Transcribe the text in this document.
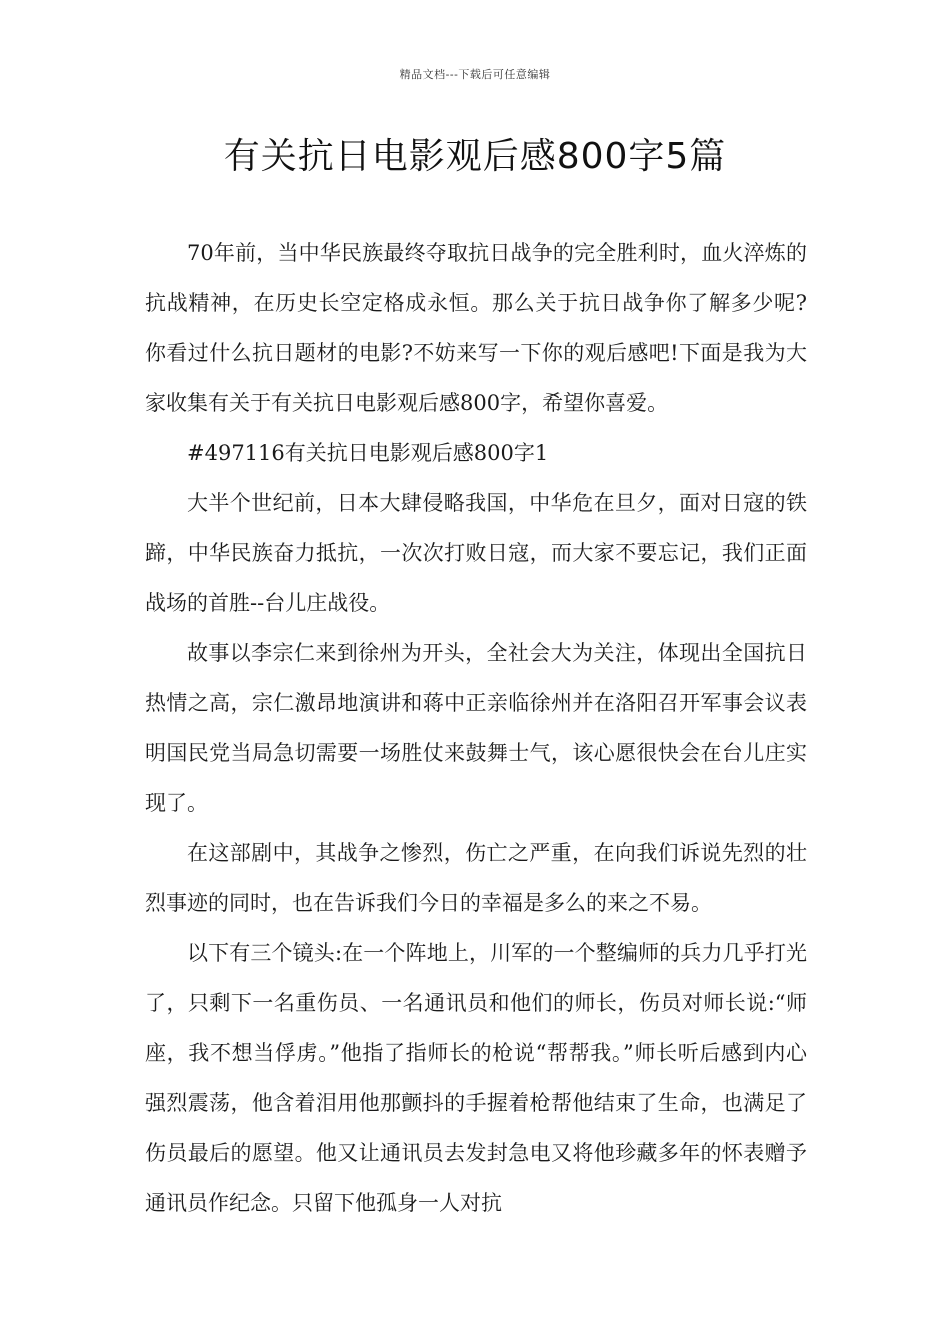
精品文档---下载后可任意编辑
有关抗日电影观后感800字5篇

70年前，当中华民族最终夺取抗日战争的完全胜利时，血火淬炼的抗战精神，在历史长空定格成永恒。那么关于抗日战争你了解多少呢?你看过什么抗日题材的电影?不妨来写一下你的观后感吧!下面是我为大家收集有关于有关抗日电影观后感800字，希望你喜爱。

#497116有关抗日电影观后感800字1

大半个世纪前，日本大肆侵略我国，中华危在旦夕，面对日寇的铁蹄，中华民族奋力抵抗，一次次打败日寇，而大家不要忘记，我们正面战场的首胜--台儿庄战役。

故事以李宗仁来到徐州为开头，全社会大为关注，体现出全国抗日热情之高，宗仁激昂地演讲和蒋中正亲临徐州并在洛阳召开军事会议表明国民党当局急切需要一场胜仗来鼓舞士气，该心愿很快会在台儿庄实现了。

在这部剧中，其战争之惨烈，伤亡之严重，在向我们诉说先烈的壮烈事迹的同时，也在告诉我们今日的幸福是多么的来之不易。

以下有三个镜头:在一个阵地上，川军的一个整编师的兵力几乎打光了，只剩下一名重伤员、一名通讯员和他们的师长，伤员对师长说:“师座，我不想当俘虏。”他指了指师长的枪说“帮帮我。”师长听后感到内心强烈震荡，他含着泪用他那颤抖的手握着枪帮他结束了生命，也满足了伤员最后的愿望。他又让通讯员去发封急电又将他珍藏多年的怀表赠予通讯员作纪念。只留下他孤身一人对抗
